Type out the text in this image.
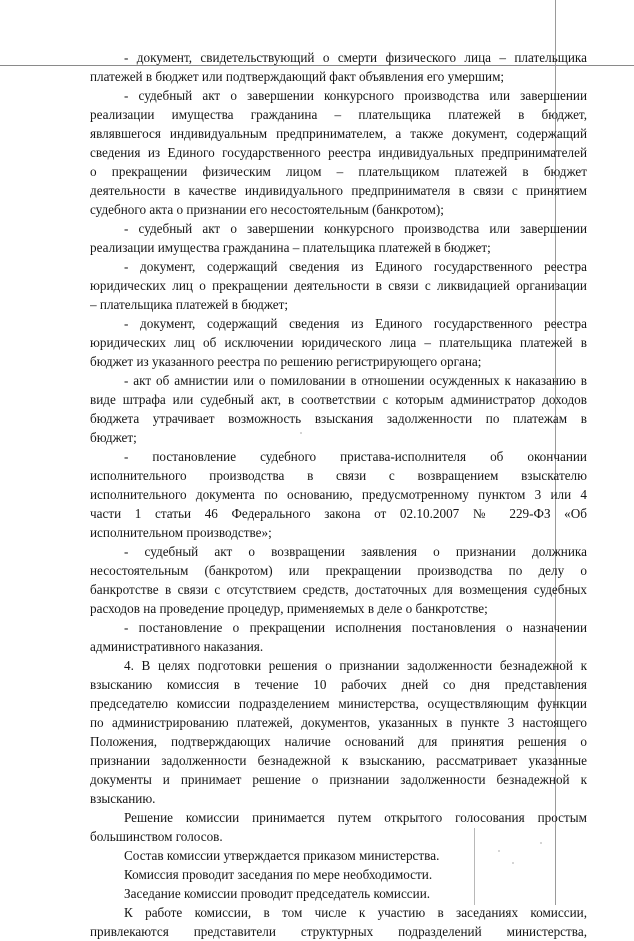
- документ, свидетельствующий о смерти физического лица – плательщика
платежей в бюджет или подтверждающий факт объявления его умершим;
- судебный акт о завершении конкурсного производства или завершении
реализации имущества гражданина – плательщика платежей в бюджет,
являвшегося индивидуальным предпринимателем, а также документ, содержащий
сведения из Единого государственного реестра индивидуальных предпринимателей
о прекращении физическим лицом – плательщиком платежей в бюджет
деятельности в качестве индивидуального предпринимателя в связи с принятием
судебного акта о признании его несостоятельным (банкротом);
- судебный акт о завершении конкурсного производства или завершении
реализации имущества гражданина – плательщика платежей в бюджет;
- документ, содержащий сведения из Единого государственного реестра
юридических лиц о прекращении деятельности в связи с ликвидацией организации
– плательщика платежей в бюджет;
- документ, содержащий сведения из Единого государственного реестра
юридических лиц об исключении юридического лица – плательщика платежей в
бюджет из указанного реестра по решению регистрирующего органа;
- акт об амнистии или о помиловании в отношении осужденных к наказанию в
виде штрафа или судебный акт, в соответствии с которым администратор доходов
бюджета утрачивает возможность взыскания задолженности по платежам в
бюджет;
- постановление судебного пристава-исполнителя об окончании
исполнительного производства в связи с возвращением взыскателю
исполнительного документа по основанию, предусмотренному пунктом 3 или 4
части 1 статьи 46 Федерального закона от 02.10.2007 № 229-ФЗ «Об
исполнительном производстве»;
- судебный акт о возвращении заявления о признании должника
несостоятельным (банкротом) или прекращении производства по делу о
банкротстве в связи с отсутствием средств, достаточных для возмещения судебных
расходов на проведение процедур, применяемых в деле о банкротстве;
- постановление о прекращении исполнения постановления о назначении
административного наказания.
4. В целях подготовки решения о признании задолженности безнадежной к
взысканию комиссия в течение 10 рабочих дней со дня представления
председателю комиссии подразделением министерства, осуществляющим функции
по администрированию платежей, документов, указанных в пункте 3 настоящего
Положения, подтверждающих наличие оснований для принятия решения о
признании задолженности безнадежной к взысканию, рассматривает указанные
документы и принимает решение о признании задолженности безнадежной к
взысканию.
Решение комиссии принимается путем открытого голосования простым
большинством голосов.
Состав комиссии утверждается приказом министерства.
Комиссия проводит заседания по мере необходимости.
Заседание комиссии проводит председатель комиссии.
К работе комиссии, в том числе к участию в заседаниях комиссии,
привлекаются представители структурных подразделений министерства,
